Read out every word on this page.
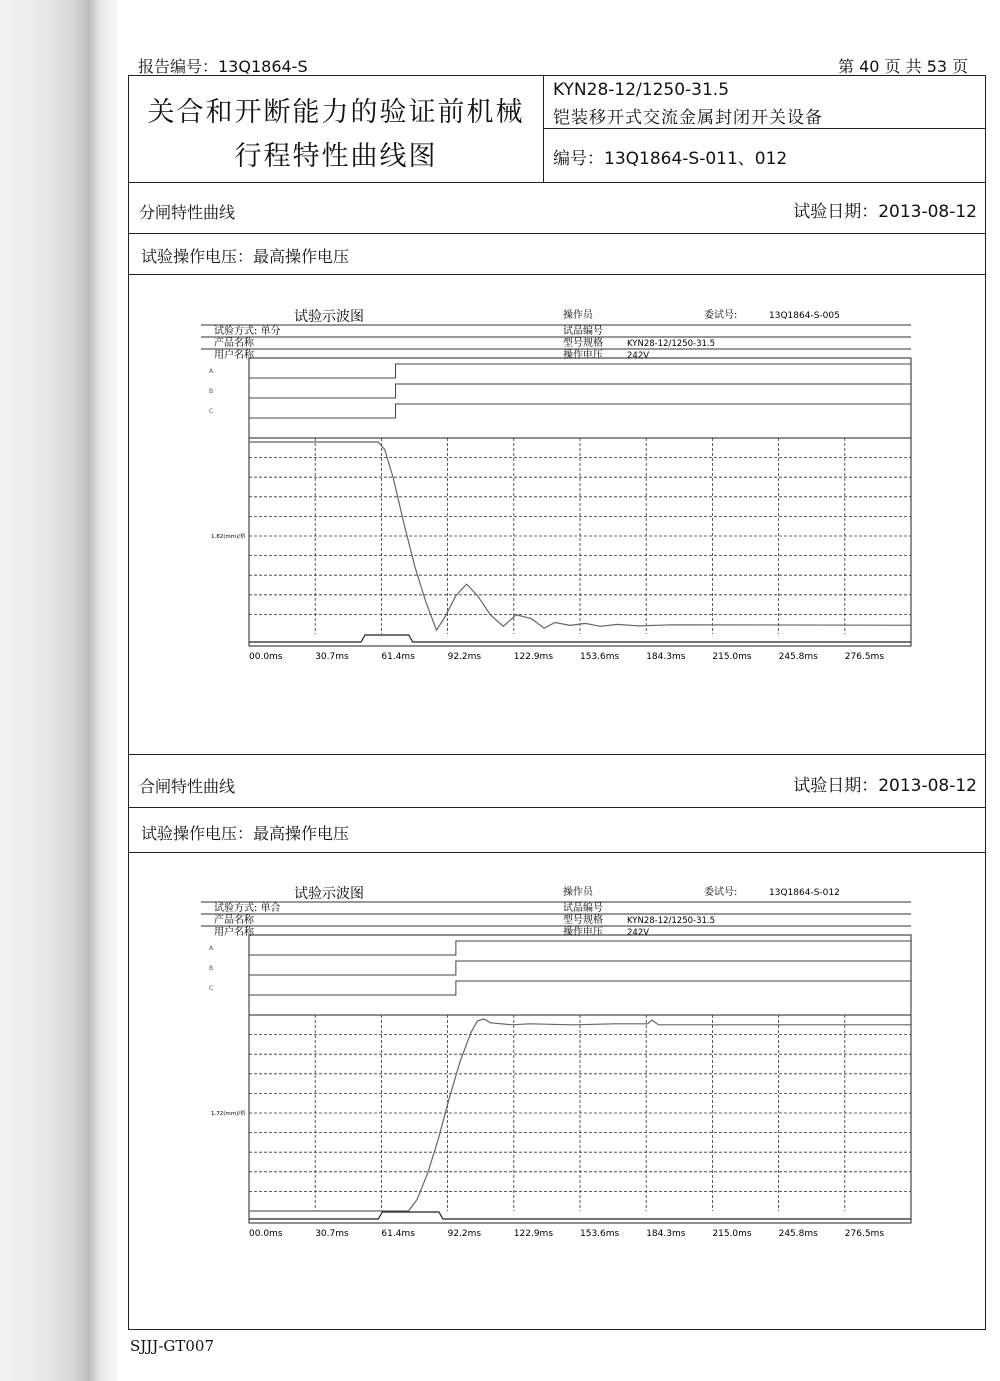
报告编号：13Q1864-S	第 40 页 共 53 页
关合和开断能力的验证前机械
行程特性曲线图
KYN28-12/1250-31.5
铠装移开式交流金属封闭开关设备
编号：13Q1864-S-011、012
分闸特性曲线	试验日期：2013-08-12
试验操作电压：最高操作电压
试验示波图	操作员	委试号:	13Q1864-S-005
试验方式: 单分	试品编号
产品名称	型号规格	KYN28-12/1250-31.5
用户名称	操作电压	242V
A
B
C
1.82(mm)/格
00.0ms	30.7ms	61.4ms	92.2ms	122.9ms	153.6ms	184.3ms	215.0ms	245.8ms	276.5ms
合闸特性曲线	试验日期：2013-08-12
试验操作电压：最高操作电压
试验示波图	操作员	委试号:	13Q1864-S-012
试验方式: 单合	试品编号
产品名称	型号规格	KYN28-12/1250-31.5
用户名称	操作电压	242V
A
B
C
1.72(mm)/格
00.0ms	30.7ms	61.4ms	92.2ms	122.9ms	153.6ms	184.3ms	215.0ms	245.8ms	276.5ms
SJJJ-GT007
